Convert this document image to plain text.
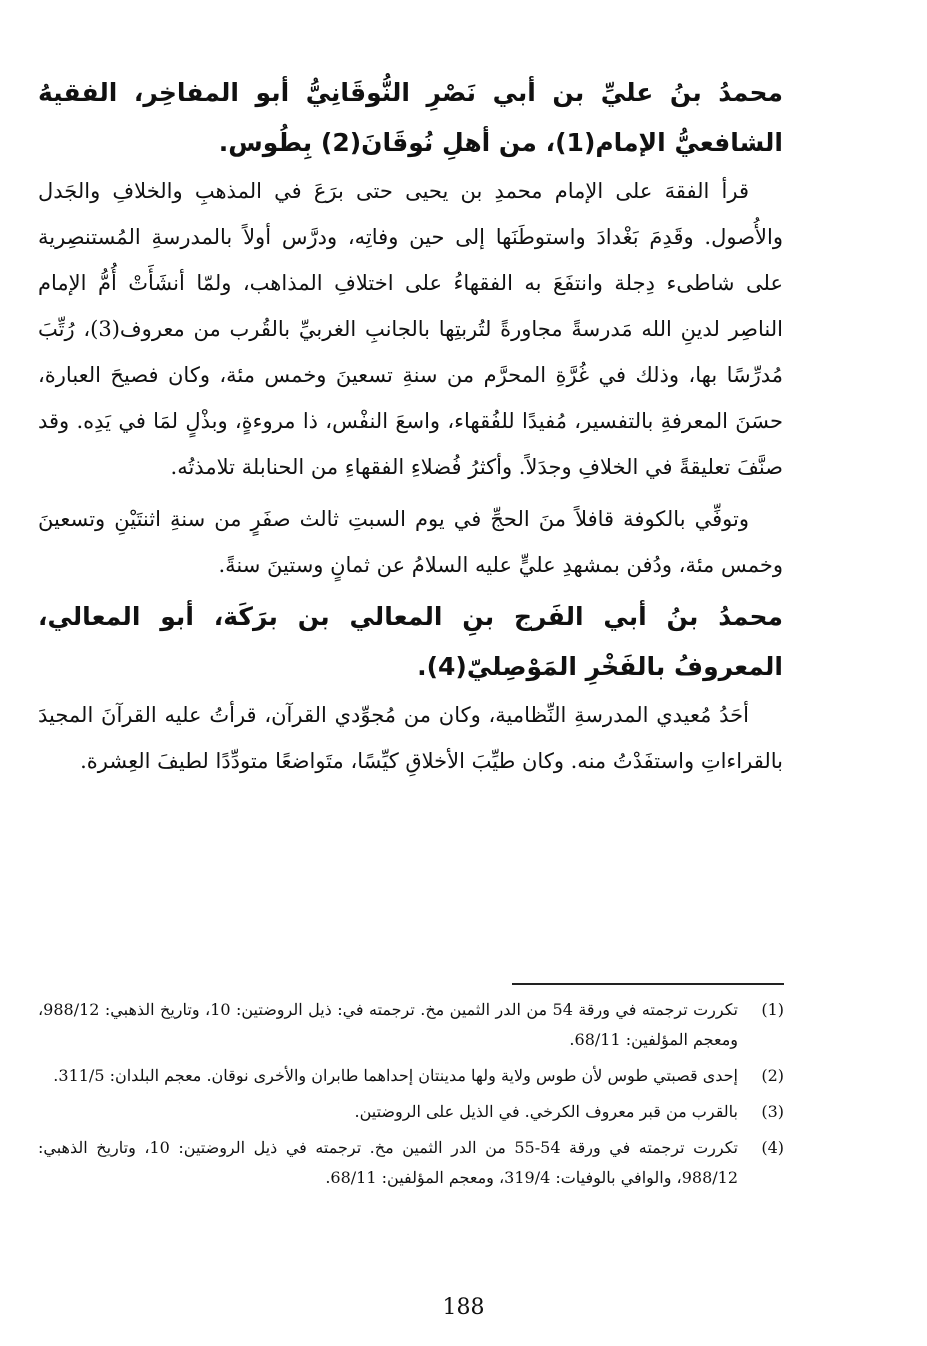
محمدُ بنُ عليِّ بن أبي نَصْرِ النُّوقَانِيُّ أبو المفاخِر، الفقيهُ الشافعيُّ الإمام(1)، من أهلِ نُوقَانَ(2) بِطُوس.

قرأ الفقهَ على الإمام محمدِ بن يحيى حتى برَعَ في المذهبِ والخلافِ والجَدل والأُصول. وقَدِمَ بَغْدادَ واستوطَنَها إلى حين وفاتِه، ودرَّس أولاً بالمدرسةِ المُستنصِرية على شاطىء دِجلة وانتفَعَ به الفقهاءُ على اختلافِ المذاهب، ولمّا أنشَأَتْ أُمُّ الإمام الناصِر لدينِ الله مَدرسةً مجاورةً لتُربتِها بالجانبِ الغربيِّ بالقُرب من معروف(3)، رُتِّبَ مُدرِّسًا بها، وذلك في غُرَّةِ المحرَّم من سنةِ تسعينَ وخمس مئة، وكان فصيحَ العبارة، حسَنَ المعرفةِ بالتفسير، مُفيدًا للفُقهاء، واسعَ النفْس، ذا مروءةٍ، وبذْلٍ لمَا في يَدِه. وقد صنَّفَ تعليقةً في الخلافِ وجدَلاً. وأكثرُ فُضلاءِ الفقهاءِ من الحنابلة تلامذتُه.

وتوفِّي بالكوفة قافلاً منَ الحجِّ في يوم السبتِ ثالث صفَرٍ من سنةِ اثنتَيْنِ وتسعينَ وخمس مئة، ودُفن بمشهدِ عليٍّ عليه السلامُ عن ثمانٍ وستينَ سنةً.

محمدُ بنُ أبي الفَرج بنِ المعالي بن برَكَة، أبو المعالي، المعروفُ بالفَخْرِ المَوْصِليّ(4).

أحَدُ مُعيدي المدرسةِ النِّظامية، وكان من مُجوِّدي القرآن، قرأتُ عليه القرآنَ المجيدَ بالقراءاتِ واستفَدْتُ منه. وكان طيِّبَ الأخلاقِ كيِّسًا، متَواضعًا متودِّدًا لطيفَ العِشرة.

(1)
تكررت ترجمته في ورقة 54 من الدر الثمين مخ. ترجمته في: ذيل الروضتين: 10، وتاريخ الذهبي: 988/12، ومعجم المؤلفين: 68/11.
(2)
إحدى قصبتي طوس لأن طوس ولاية ولها مدينتان إحداهما طابران والأخرى نوقان. معجم البلدان: 311/5.
(3)
بالقرب من قبر معروف الكرخي. في الذيل على الروضتين.
(4)
تكررت ترجمته في ورقة 54-55 من الدر الثمين مخ. ترجمته في ذيل الروضتين: 10، وتاريخ الذهبي: 988/12، والوافي بالوفيات: 319/4، ومعجم المؤلفين: 68/11.
188
